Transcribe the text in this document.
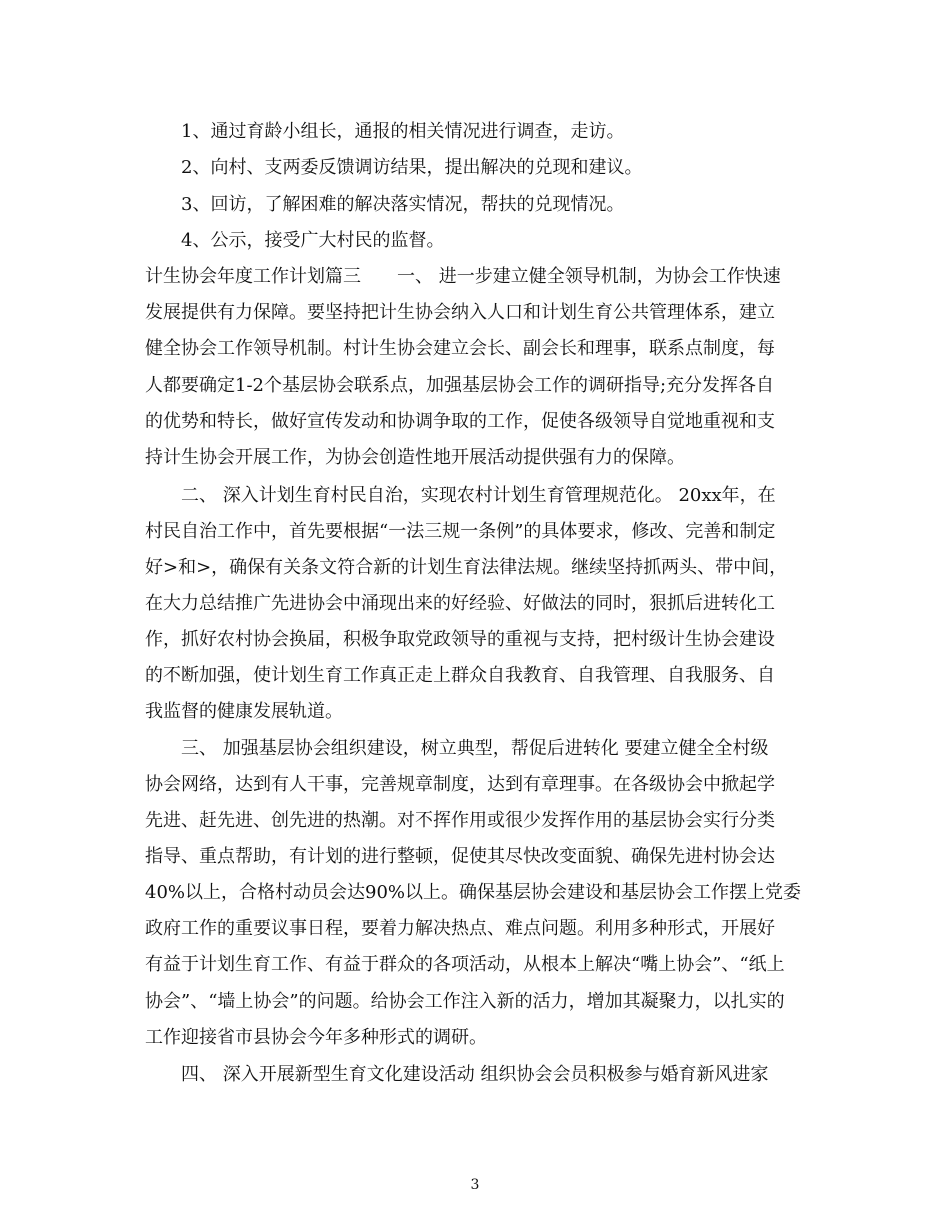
1、通过育龄小组长，通报的相关情况进行调查，走访。
2、向村、支两委反馈调访结果，提出解决的兑现和建议。
3、回访，了解困难的解决落实情况，帮扶的兑现情况。
4、公示，接受广大村民的监督。
计生协会年度工作计划篇三　　一、 进一步建立健全领导机制，为协会工作快速
发展提供有力保障。要坚持把计生协会纳入人口和计划生育公共管理体系，建立
健全协会工作领导机制。村计生协会建立会长、副会长和理事，联系点制度，每
人都要确定1-2个基层协会联系点，加强基层协会工作的调研指导;充分发挥各自
的优势和特长，做好宣传发动和协调争取的工作，促使各级领导自觉地重视和支
持计生协会开展工作，为协会创造性地开展活动提供强有力的保障。
二、 深入计划生育村民自治，实现农村计划生育管理规范化。 20xx年，在
村民自治工作中，首先要根据“一法三规一条例”的具体要求，修改、完善和制定
好>和>，确保有关条文符合新的计划生育法律法规。继续坚持抓两头、带中间，
在大力总结推广先进协会中涌现出来的好经验、好做法的同时，狠抓后进转化工
作，抓好农村协会换届，积极争取党政领导的重视与支持，把村级计生协会建设
的不断加强，使计划生育工作真正走上群众自我教育、自我管理、自我服务、自
我监督的健康发展轨道。
三、 加强基层协会组织建设，树立典型，帮促后进转化 要建立健全全村级
协会网络，达到有人干事，完善规章制度，达到有章理事。在各级协会中掀起学
先进、赶先进、创先进的热潮。对不挥作用或很少发挥作用的基层协会实行分类
指导、重点帮助，有计划的进行整顿，促使其尽快改变面貌、确保先进村协会达
40%以上，合格村动员会达90%以上。确保基层协会建设和基层协会工作摆上党委
政府工作的重要议事日程，要着力解决热点、难点问题。利用多种形式，开展好
有益于计划生育工作、有益于群众的各项活动，从根本上解决“嘴上协会”、“纸上
协会”、“墙上协会”的问题。给协会工作注入新的活力，增加其凝聚力，以扎实的
工作迎接省市县协会今年多种形式的调研。
四、 深入开展新型生育文化建设活动 组织协会会员积极参与婚育新风进家
3
